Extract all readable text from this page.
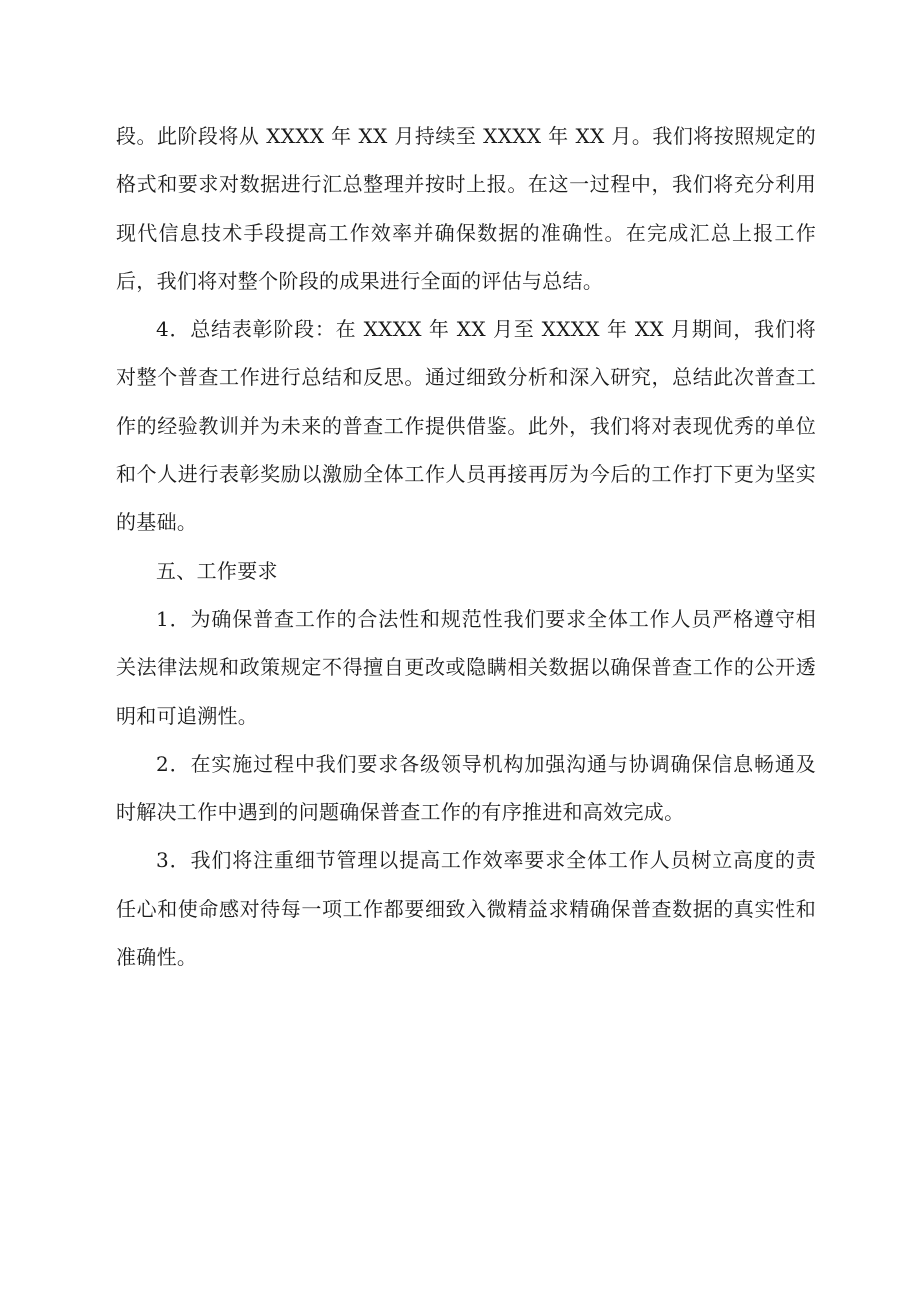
段。此阶段将从 XXXX 年 XX 月持续至 XXXX 年 XX 月。我们将按照规定的格式和要求对数据进行汇总整理并按时上报。在这一过程中，我们将充分利用现代信息技术手段提高工作效率并确保数据的准确性。在完成汇总上报工作后，我们将对整个阶段的成果进行全面的评估与总结。

4．总结表彰阶段：在 XXXX 年 XX 月至 XXXX 年 XX 月期间，我们将对整个普查工作进行总结和反思。通过细致分析和深入研究，总结此次普查工作的经验教训并为未来的普查工作提供借鉴。此外，我们将对表现优秀的单位和个人进行表彰奖励以激励全体工作人员再接再厉为今后的工作打下更为坚实的基础。

五、工作要求

1．为确保普查工作的合法性和规范性我们要求全体工作人员严格遵守相关法律法规和政策规定不得擅自更改或隐瞒相关数据以确保普查工作的公开透明和可追溯性。

2．在实施过程中我们要求各级领导机构加强沟通与协调确保信息畅通及时解决工作中遇到的问题确保普查工作的有序推进和高效完成。

3．我们将注重细节管理以提高工作效率要求全体工作人员树立高度的责任心和使命感对待每一项工作都要细致入微精益求精确保普查数据的真实性和准确性。
